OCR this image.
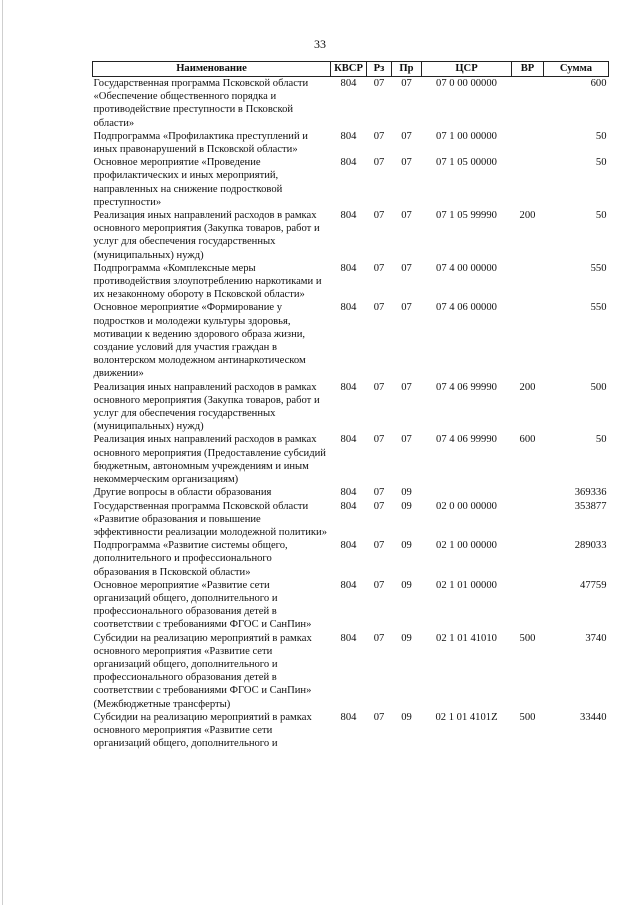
33
Наименование	КВСР	Рз	Пр	ЦСР	ВР	Сумма
Государственная программа Псковской области «Обеспечение общественного порядка и противодействие преступности в Псковской области»	804	07	07	07 0 00 00000		600
Подпрограмма «Профилактика преступлений и иных правонарушений в Псковской области»	804	07	07	07 1 00 00000		50
Основное мероприятие «Проведение профилактических и иных мероприятий, направленных на снижение подростковой преступности»	804	07	07	07 1 05 00000		50
Реализация иных направлений расходов в рамках основного мероприятия (Закупка товаров, работ и услуг для обеспечения государственных (муниципальных) нужд)	804	07	07	07 1 05 99990	200	50
Подпрограмма «Комплексные меры противодействия злоупотреблению наркотиками и их незаконному обороту в Псковской области»	804	07	07	07 4 00 00000		550
Основное мероприятие «Формирование у подростков и молодежи культуры здоровья, мотивации к ведению здорового образа жизни, создание условий для участия граждан в волонтерском молодежном антинаркотическом движении»	804	07	07	07 4 06 00000		550
Реализация иных направлений расходов в рамках основного мероприятия (Закупка товаров, работ и услуг для обеспечения государственных (муниципальных) нужд)	804	07	07	07 4 06 99990	200	500
Реализация иных направлений расходов в рамках основного мероприятия (Предоставление субсидий бюджетным, автономным учреждениям и иным некоммерческим организациям)	804	07	07	07 4 06 99990	600	50
Другие вопросы в области образования	804	07	09			369336
Государственная программа Псковской области «Развитие образования и повышение эффективности реализации молодежной политики»	804	07	09	02 0 00 00000		353877
Подпрограмма «Развитие системы общего, дополнительного и профессионального образования в Псковской области»	804	07	09	02 1 00 00000		289033
Основное мероприятие «Развитие сети организаций общего, дополнительного и профессионального образования детей в соответствии с требованиями ФГОС и СанПин»	804	07	09	02 1 01 00000		47759
Субсидии на реализацию мероприятий в рамках основного мероприятия «Развитие сети организаций общего, дополнительного и профессионального образования детей в соответствии с требованиями ФГОС и СанПин» (Межбюджетные трансферты)	804	07	09	02 1 01 41010	500	3740
Субсидии на реализацию мероприятий в рамках основного мероприятия «Развитие сети организаций общего, дополнительного и	804	07	09	02 1 01 4101Z	500	33440
